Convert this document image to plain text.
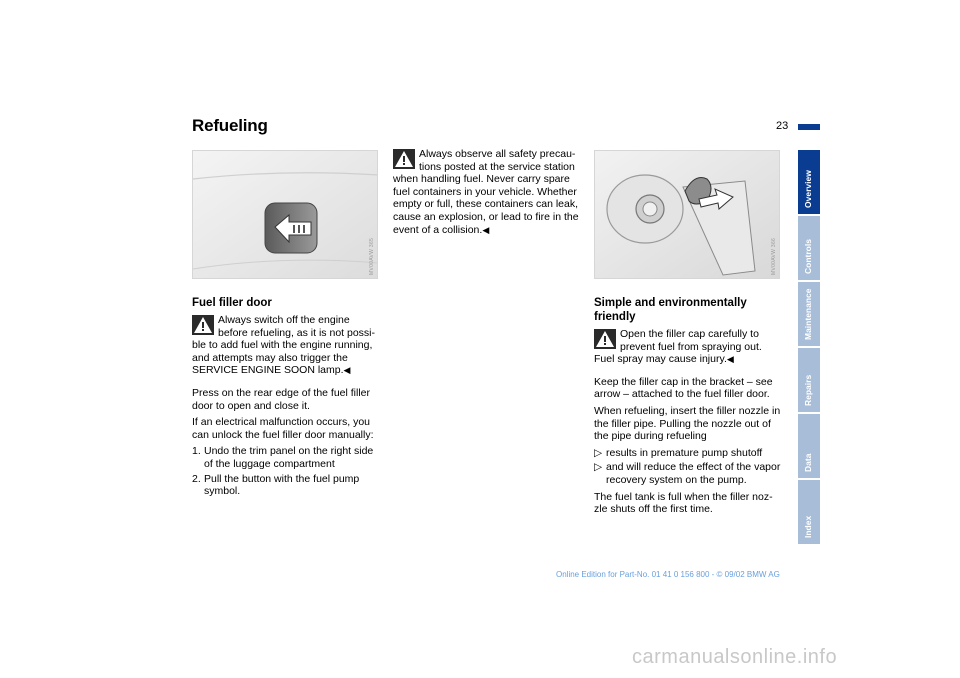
Refueling	23
MV00AVW 365	MV00AVW 366
Fuel filler door

Always switch off the engine before refueling, as it is not possi-

ble to add fuel with the engine running, and attempts may also trigger the SERVICE ENGINE SOON lamp.◀

Press on the rear edge of the fuel filler door to open and close it.

If an electrical malfunction occurs, you can unlock the fuel filler door manually:

1. Undo the trim panel on the right side of the luggage compartment
2. Pull the button with the fuel pump symbol.

Always observe all safety precau- tions posted at the service station

when handling fuel. Never carry spare fuel containers in your vehicle. Whether empty or full, these containers can leak, cause an explosion, or lead to fire in the event of a collision.◀

Simple and environmentally friendly

Open the filler cap carefully to prevent fuel from spraying out.

Fuel spray may cause injury.◀

Keep the filler cap in the bracket – see arrow – attached to the fuel filler door.

When refueling, insert the filler nozzle in the filler pipe. Pulling the nozzle out of the pipe during refueling

▷ results in premature pump shutoff
▷ and will reduce the effect of the vapor recovery system on the pump.

The fuel tank is full when the filler noz- zle shuts off the first time.

Overview
Controls
Maintenance
Repairs
Data
Index
Online Edition for Part-No. 01 41 0 156 800 - © 09/02 BMW AG
carmanualsonline.info
